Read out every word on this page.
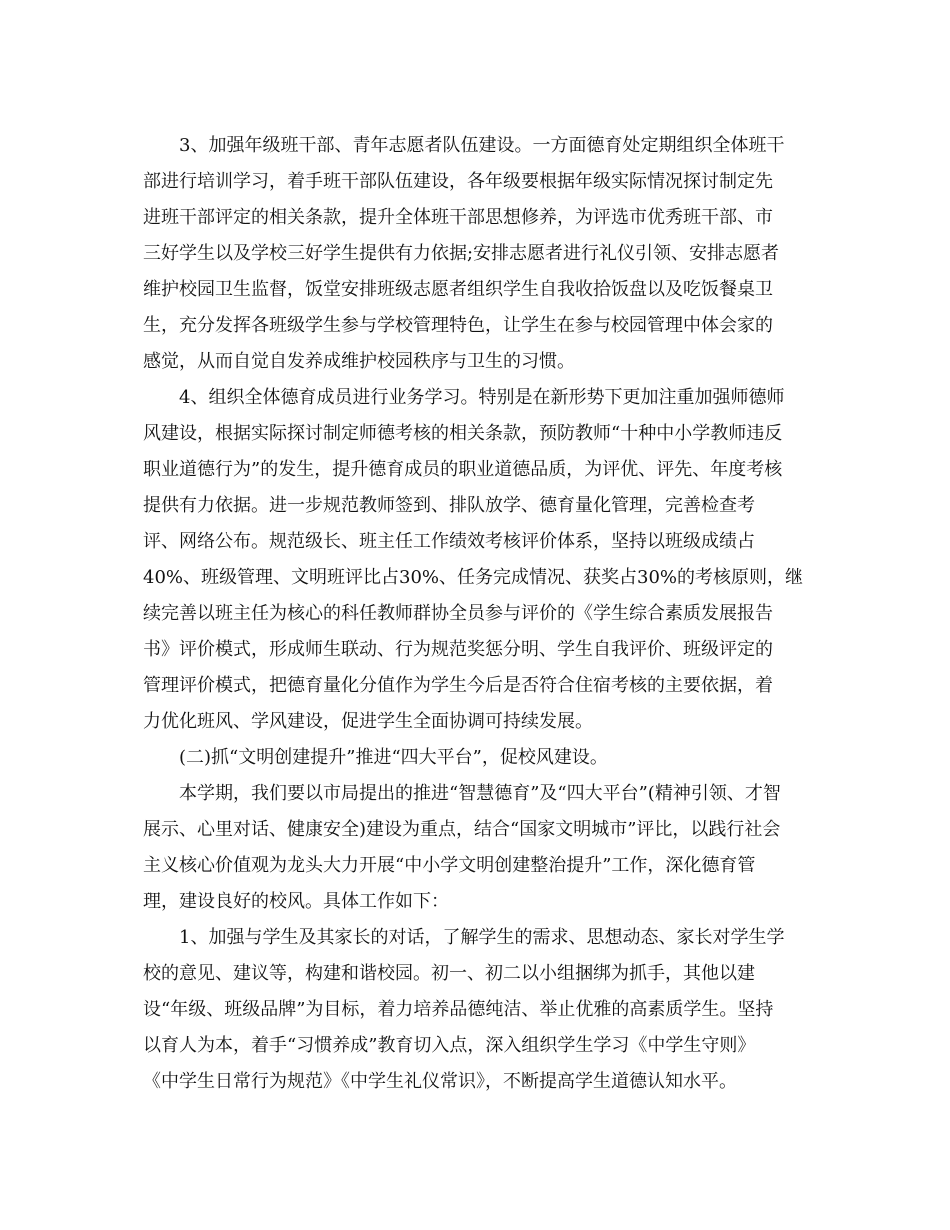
　　3、加强年级班干部、青年志愿者队伍建设。一方面德育处定期组织全体班干
部进行培训学习，着手班干部队伍建设，各年级要根据年级实际情况探讨制定先
进班干部评定的相关条款，提升全体班干部思想修养，为评选市优秀班干部、市
三好学生以及学校三好学生提供有力依据;安排志愿者进行礼仪引领、安排志愿者
维护校园卫生监督，饭堂安排班级志愿者组织学生自我收拾饭盘以及吃饭餐桌卫
生，充分发挥各班级学生参与学校管理特色，让学生在参与校园管理中体会家的
感觉，从而自觉自发养成维护校园秩序与卫生的习惯。
　　4、组织全体德育成员进行业务学习。特别是在新形势下更加注重加强师德师
风建设，根据实际探讨制定师德考核的相关条款，预防教师“十种中小学教师违反
职业道德行为”的发生，提升德育成员的职业道德品质，为评优、评先、年度考核
提供有力依据。进一步规范教师签到、排队放学、德育量化管理，完善检查考
评、网络公布。规范级长、班主任工作绩效考核评价体系，坚持以班级成绩占
40%、班级管理、文明班评比占30%、任务完成情况、获奖占30%的考核原则，继
续完善以班主任为核心的科任教师群协全员参与评价的《学生综合素质发展报告
书》评价模式，形成师生联动、行为规范奖惩分明、学生自我评价、班级评定的
管理评价模式，把德育量化分值作为学生今后是否符合住宿考核的主要依据，着
力优化班风、学风建设，促进学生全面协调可持续发展。
　　(二)抓“文明创建提升”推进“四大平台”，促校风建设。
　　本学期，我们要以市局提出的推进“智慧德育”及“四大平台”(精神引领、才智
展示、心里对话、健康安全)建设为重点，结合“国家文明城市”评比，以践行社会
主义核心价值观为龙头大力开展“中小学文明创建整治提升”工作，深化德育管
理，建设良好的校风。具体工作如下：
　　1、加强与学生及其家长的对话，了解学生的需求、思想动态、家长对学生学
校的意见、建议等，构建和谐校园。初一、初二以小组捆绑为抓手，其他以建
设“年级、班级品牌”为目标，着力培养品德纯洁、举止优雅的高素质学生。坚持
以育人为本，着手“习惯养成”教育切入点，深入组织学生学习《中学生守则》
《中学生日常行为规范》《中学生礼仪常识》，不断提高学生道德认知水平。
